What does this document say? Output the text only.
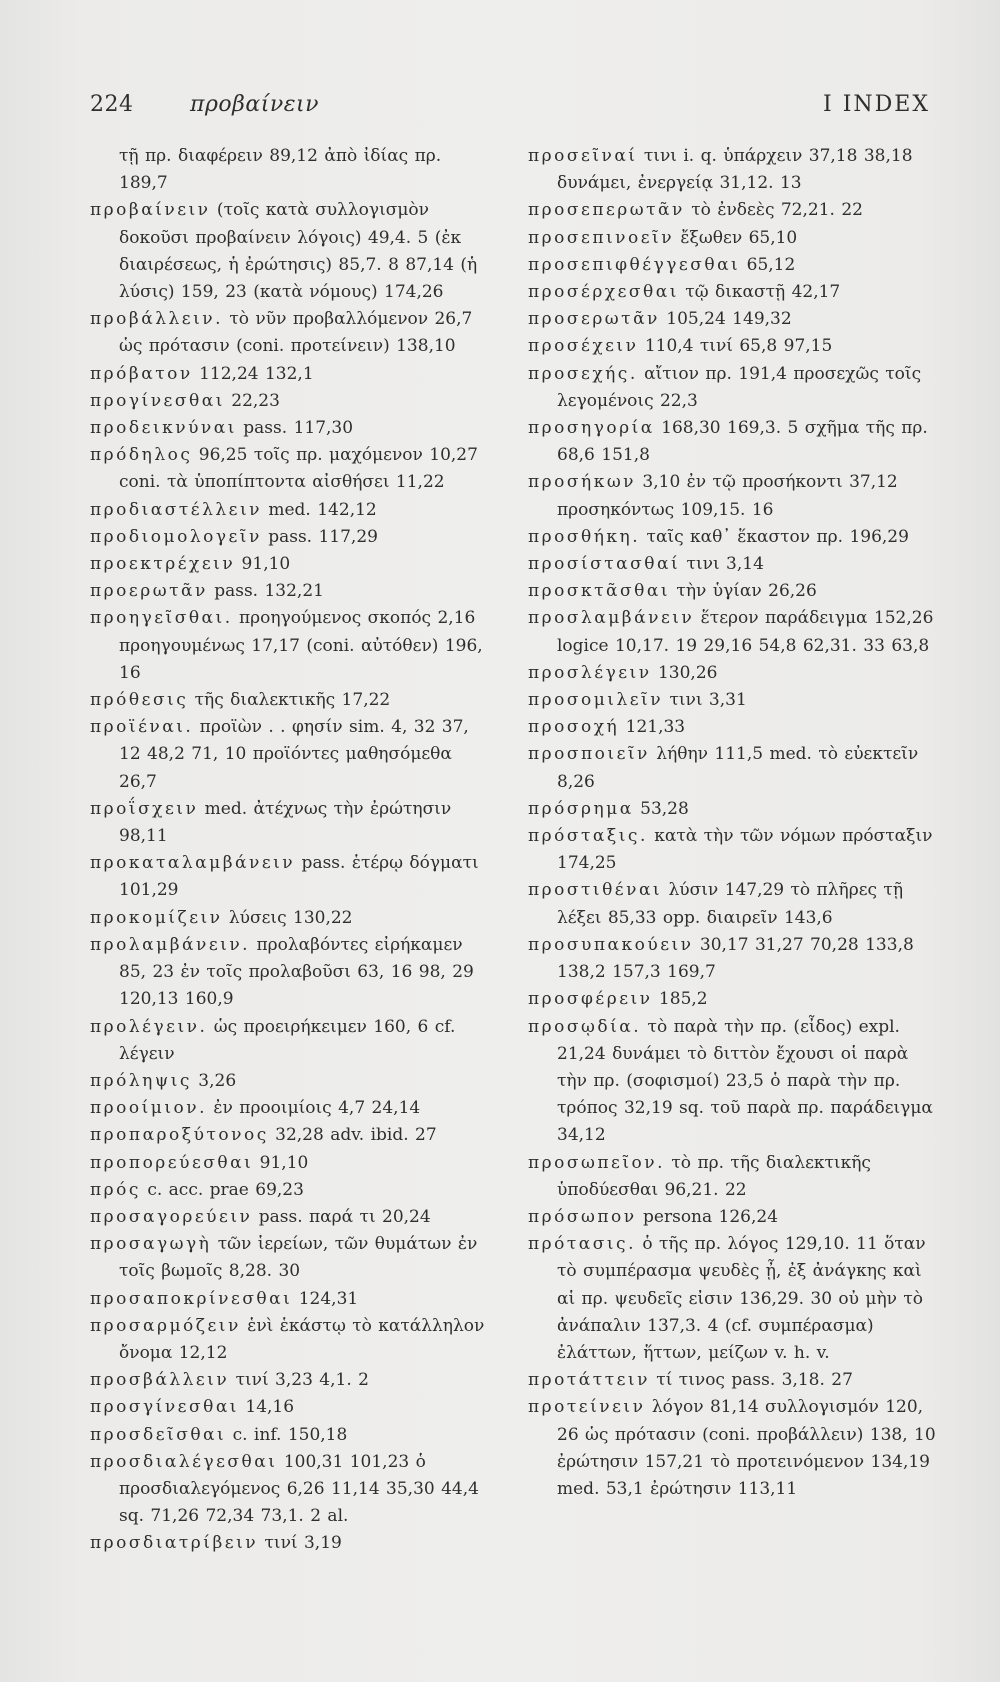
224	προβαίνειν	I INDEX

τῇ πρ. διαφέρειν 89,12 ἀπὸ ἰδίας πρ. 189,7

προβαίνειν (τοῖς κατὰ συλλογισμὸν δοκοῦσι προβαίνειν λόγοις) 49,4. 5 (ἐκ διαιρέσεως, ἡ ἐρώτησις) 85,7. 8 87,14 (ἡ λύσις) 159, 23 (κατὰ νόμους) 174,26

προβάλλειν. τὸ νῦν προβαλλόμενον 26,7 ὡς πρότασιν (coni. προτείνειν) 138,10

πρόβατον 112,24 132,1

προγίνεσθαι 22,23

προδεικνύναι pass. 117,30

πρόδηλος 96,25 τοῖς πρ. μαχόμενον 10,27 coni. τὰ ὑποπίπτοντα αἰσθήσει 11,22

προδιαστέλλειν med. 142,12

προδιομολογεῖν pass. 117,29

προεκτρέχειν 91,10

προερωτᾶν pass. 132,21

προηγεῖσθαι. προηγούμενος σκοπός 2,16 προηγουμένως 17,17 (coni. αὐτόθεν) 196, 16

πρόθεσις τῆς διαλεκτικῆς 17,22

προϊέναι. προϊὼν . . φησίν sim. 4, 32 37, 12 48,2 71, 10 προϊόντες μαθησόμεθα 26,7

προΐσχειν med. ἀτέχνως τὴν ἐρώτησιν 98,11

προκαταλαμβάνειν pass. ἑτέρῳ δόγματι 101,29

προκομίζειν λύσεις 130,22

προλαμβάνειν. προλαβόντες εἰρήκαμεν 85, 23 ἐν τοῖς προλαβοῦσι 63, 16 98, 29 120,13 160,9

προλέγειν. ὡς προειρήκειμεν 160, 6 cf. λέγειν

πρόληψις 3,26

προοίμιον. ἐν προοιμίοις 4,7 24,14

προπαροξύτονος 32,28 adv. ibid. 27

προπορεύεσθαι 91,10

πρός c. acc. prae 69,23

προσαγορεύειν pass. παρά τι 20,24

προσαγωγὴ τῶν ἱερείων, τῶν θυμάτων ἐν τοῖς βωμοῖς 8,28. 30

προσαποκρίνεσθαι 124,31

προσαρμόζειν ἑνὶ ἑκάστῳ τὸ κατάλληλον ὄνομα 12,12

προσβάλλειν τινί 3,23 4,1. 2

προσγίνεσθαι 14,16

προσδεῖσθαι c. inf. 150,18

προσδιαλέγεσθαι 100,31 101,23 ὁ προσδιαλεγόμενος 6,26 11,14 35,30 44,4 sq. 71,26 72,34 73,1. 2 al.

προσδιατρίβειν τινί 3,19

προσεῖναί τινι i. q. ὑπάρχειν 37,18 38,18 δυνάμει, ἐνεργείᾳ 31,12. 13

προσεπερωτᾶν τὸ ἐνδεὲς 72,21. 22

προσεπινοεῖν ἔξωθεν 65,10

προσεπιφθέγγεσθαι 65,12

προσέρχεσθαι τῷ δικαστῇ 42,17

προσερωτᾶν 105,24 149,32

προσέχειν 110,4 τινί 65,8 97,15

προσεχής. αἴτιον πρ. 191,4 προσεχῶς τοῖς λεγομένοις 22,3

προσηγορία 168,30 169,3. 5 σχῆμα τῆς πρ. 68,6 151,8

προσήκων 3,10 ἐν τῷ προσήκοντι 37,12 προσηκόντως 109,15. 16

προσθήκη. ταῖς καθ᾽ ἕκαστον πρ. 196,29

προσίστασθαί τινι 3,14

προσκτᾶσθαι τὴν ὑγίαν 26,26

προσλαμβάνειν ἕτερον παράδειγμα 152,26 logice 10,17. 19 29,16 54,8 62,31. 33 63,8

προσλέγειν 130,26

προσομιλεῖν τινι 3,31

προσοχή 121,33

προσποιεῖν λήθην 111,5 med. τὸ εὐεκτεῖν 8,26

πρόσρημα 53,28

πρόσταξις. κατὰ τὴν τῶν νόμων πρόσταξιν 174,25

προστιθέναι λύσιν 147,29 τὸ πλῆρες τῇ λέξει 85,33 opp. διαιρεῖν 143,6

προσυπακούειν 30,17 31,27 70,28 133,8 138,2 157,3 169,7

προσφέρειν 185,2

προσῳδία. τὸ παρὰ τὴν πρ. (εἶδος) expl. 21,24 δυνάμει τὸ διττὸν ἔχουσι οἱ παρὰ τὴν πρ. (σοφισμοί) 23,5 ὁ παρὰ τὴν πρ. τρόπος 32,19 sq. τοῦ παρὰ πρ. παράδειγμα 34,12

προσωπεῖον. τὸ πρ. τῆς διαλεκτικῆς ὑποδύεσθαι 96,21. 22

πρόσωπον persona 126,24

πρότασις. ὁ τῆς πρ. λόγος 129,10. 11 ὅταν τὸ συμπέρασμα ψευδὲς ᾖ, ἐξ ἀνάγκης καὶ αἱ πρ. ψευδεῖς εἰσιν 136,29. 30 οὐ μὴν τὸ ἀνάπαλιν 137,3. 4 (cf. συμπέρασμα) ἐλάττων, ἥττων, μείζων v. h. v.

προτάττειν τί τινος pass. 3,18. 27

προτείνειν λόγον 81,14 συλλογισμόν 120, 26 ὡς πρότασιν (coni. προβάλλειν) 138, 10 ἐρώτησιν 157,21 τὸ προτεινόμενον 134,19 med. 53,1 ἐρώτησιν 113,11
